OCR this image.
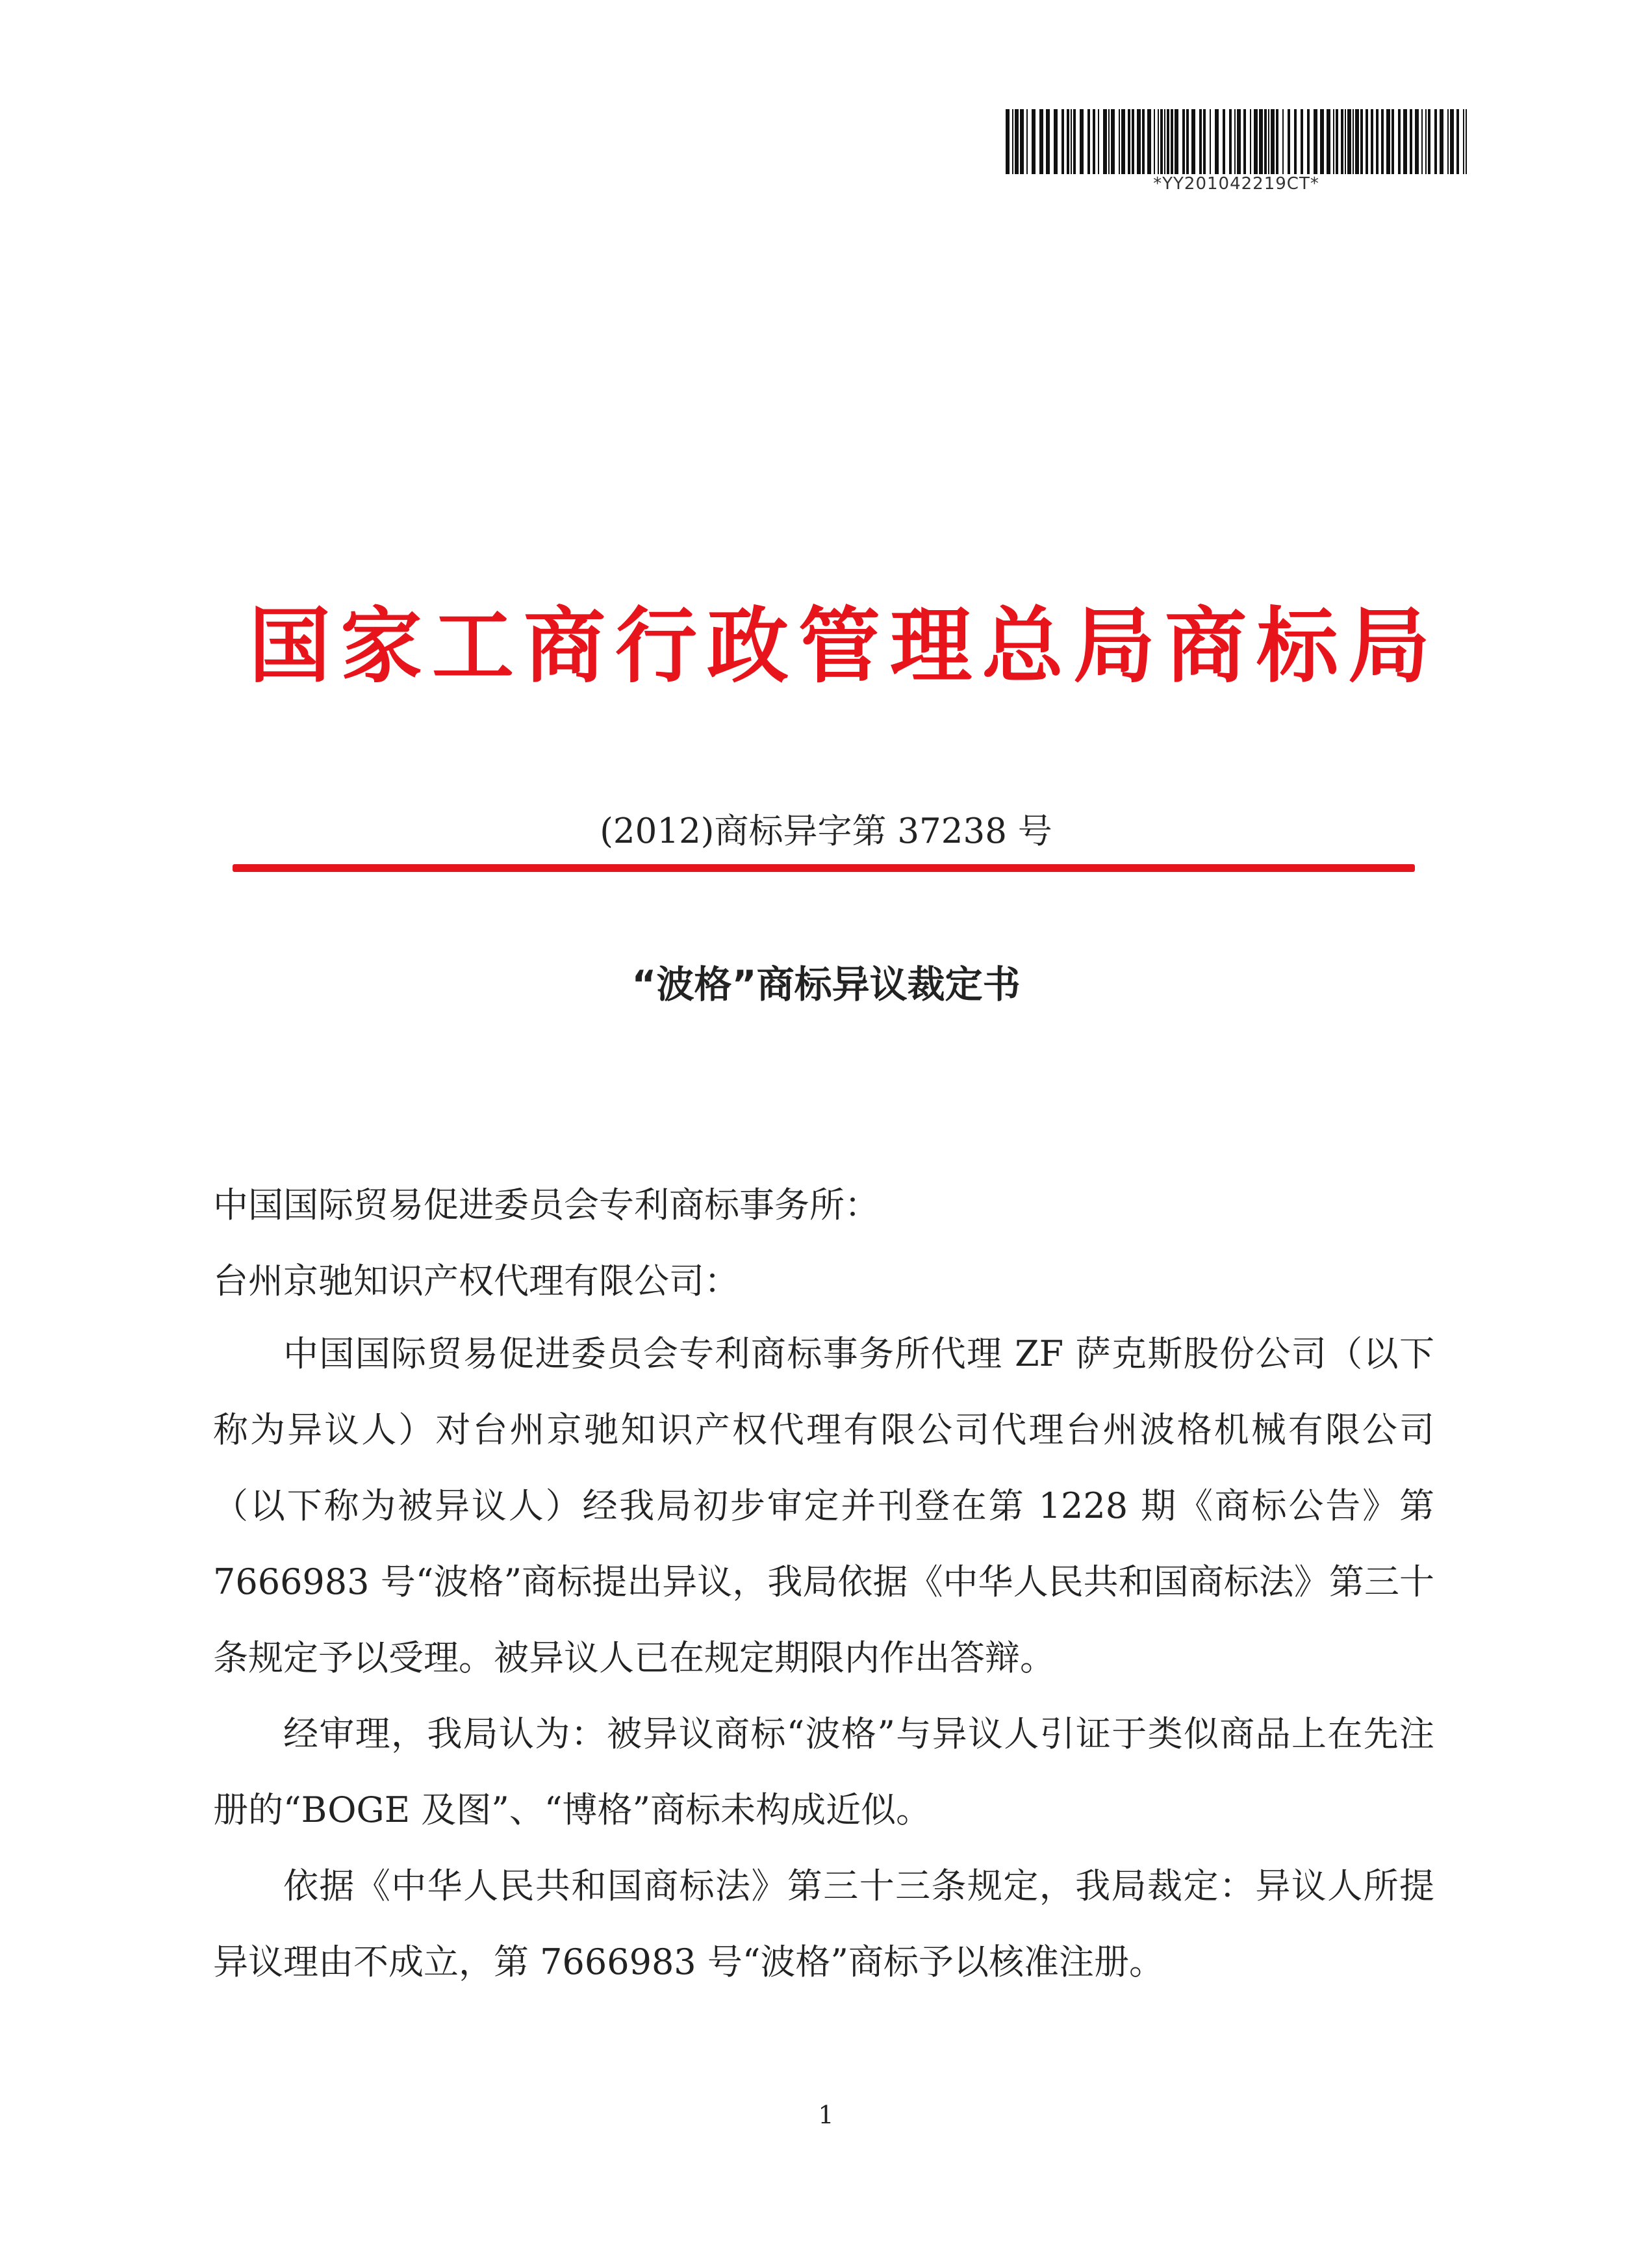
*YY201042219CT*
国家工商行政管理总局商标局
(2012)商标异字第 37238 号
“波格”商标异议裁定书
中国国际贸易促进委员会专利商标事务所：
台州京驰知识产权代理有限公司：

中国国际贸易促进委员会专利商标事务所代理 ZF 萨克斯股份公司（以下称为异议人）对台州京驰知识产权代理有限公司代理台州波格机械有限公司（以下称为被异议人）经我局初步审定并刊登在第 1228 期《商标公告》第 7666983 号“波格”商标提出异议，我局依据《中华人民共和国商标法》第三十条规定予以受理。被异议人已在规定期限内作出答辩。

经审理，我局认为：被异议商标“波格”与异议人引证于类似商品上在先注册的“BOGE 及图”、“博格”商标未构成近似。

依据《中华人民共和国商标法》第三十三条规定，我局裁定：异议人所提异议理由不成立，第 7666983 号“波格”商标予以核准注册。

1
